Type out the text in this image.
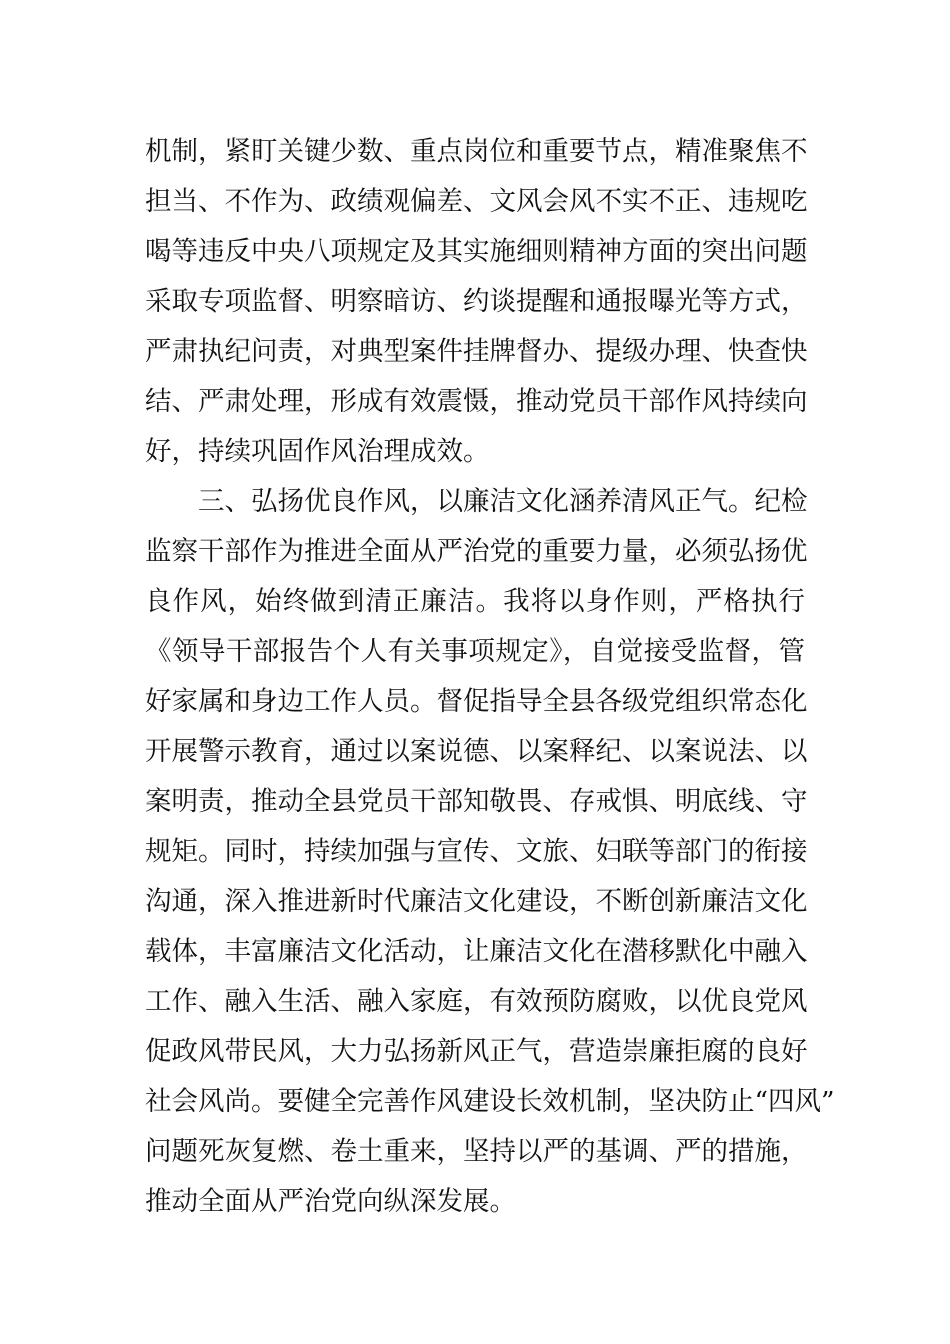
机制，紧盯关键少数、重点岗位和重要节点，精准聚焦不
担当、不作为、政绩观偏差、文风会风不实不正、违规吃
喝等违反中央八项规定及其实施细则精神方面的突出问题
采取专项监督、明察暗访、约谈提醒和通报曝光等方式，
严肃执纪问责，对典型案件挂牌督办、提级办理、快查快
结、严肃处理，形成有效震慑，推动党员干部作风持续向
好，持续巩固作风治理成效。
三、弘扬优良作风，以廉洁文化涵养清风正气。纪检
监察干部作为推进全面从严治党的重要力量，必须弘扬优
良作风，始终做到清正廉洁。我将以身作则，严格执行
《领导干部报告个人有关事项规定》，自觉接受监督，管
好家属和身边工作人员。督促指导全县各级党组织常态化
开展警示教育，通过以案说德、以案释纪、以案说法、以
案明责，推动全县党员干部知敬畏、存戒惧、明底线、守
规矩。同时，持续加强与宣传、文旅、妇联等部门的衔接
沟通，深入推进新时代廉洁文化建设，不断创新廉洁文化
载体，丰富廉洁文化活动，让廉洁文化在潜移默化中融入
工作、融入生活、融入家庭，有效预防腐败，以优良党风
促政风带民风，大力弘扬新风正气，营造崇廉拒腐的良好
社会风尚。要健全完善作风建设长效机制，坚决防止“四风”
问题死灰复燃、卷土重来，坚持以严的基调、严的措施，
推动全面从严治党向纵深发展。
